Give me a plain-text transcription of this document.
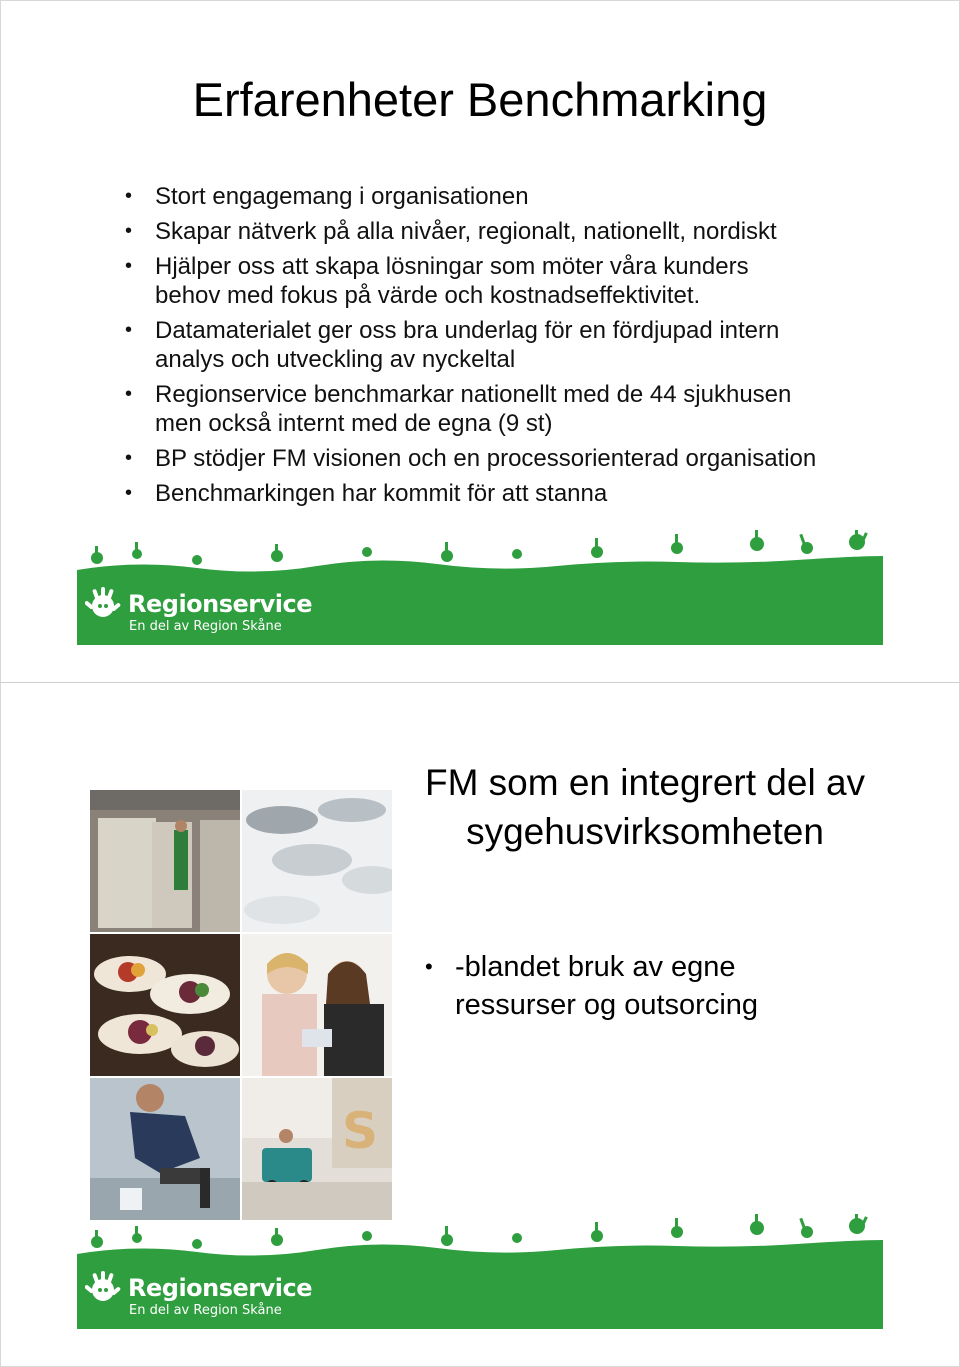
Erfarenheter Benchmarking
• Stort engagemang i organisationen
• Skapar nätverk på alla nivåer, regionalt, nationellt, nordiskt
• Hjälper oss att skapa lösningar som möter våra kunders behov med fokus på värde och kostnadseffektivitet.
• Datamaterialet ger oss bra underlag för en fördjupad intern analys och utveckling av nyckeltal
• Regionservice benchmarkar nationellt med de 44 sjukhusen men också internt med de egna (9 st)
• BP stödjer FM visionen och en processorienterad organisation
• Benchmarkingen har kommit för att stanna
Regionservice
En del av Region Skåne
S
FM som en integrert del av sygehusvirksomheten
• -blandet bruk av egne ressurser og outsorcing
Regionservice
En del av Region Skåne
